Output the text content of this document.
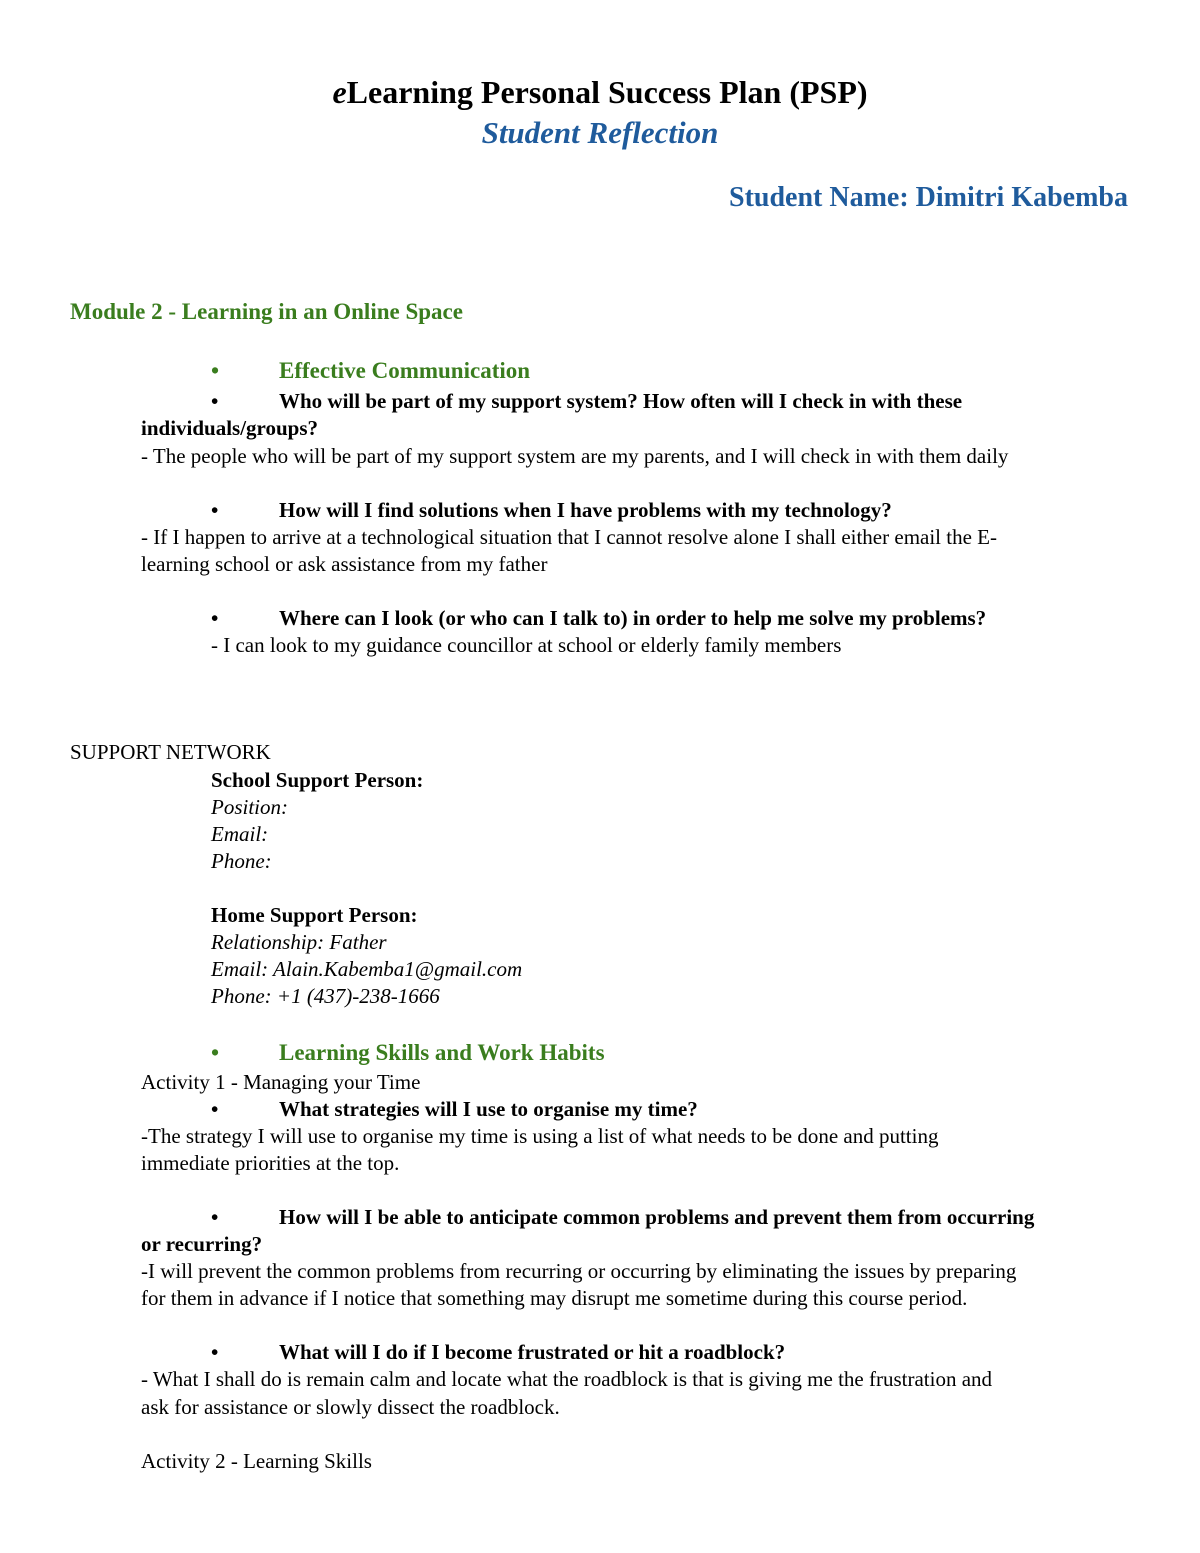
eLearning Personal Success Plan (PSP)
Student Reflection
Student Name: Dimitri Kabemba
Module 2 - Learning in an Online Space
•	Effective Communication
•	Who will be part of my support system? How often will I check in with these
individuals/groups?
- The people who will be part of my support system are my parents, and I will check in with them daily
•	How will I find solutions when I have problems with my technology?
- If I happen to arrive at a technological situation that I cannot resolve alone I shall either email the E-
learning school or ask assistance from my father
•	Where can I look (or who can I talk to) in order to help me solve my problems?
- I can look to my guidance councillor at school or elderly family members
SUPPORT NETWORK
School Support Person:
Position:
Email:
Phone:
Home Support Person:
Relationship: Father
Email: Alain.Kabemba1@gmail.com
Phone: +1 (437)-238-1666
•	Learning Skills and Work Habits
Activity 1 - Managing your Time
•	What strategies will I use to organise my time?
-The strategy I will use to organise my time is using a list of what needs to be done and putting
immediate priorities at the top.
•	How will I be able to anticipate common problems and prevent them from occurring
or recurring?
-I will prevent the common problems from recurring or occurring by eliminating the issues by preparing
for them in advance if I notice that something may disrupt me sometime during this course period.
•	What will I do if I become frustrated or hit a roadblock?
- What I shall do is remain calm and locate what the roadblock is that is giving me the frustration and
ask for assistance or slowly dissect the roadblock.
Activity 2 - Learning Skills
